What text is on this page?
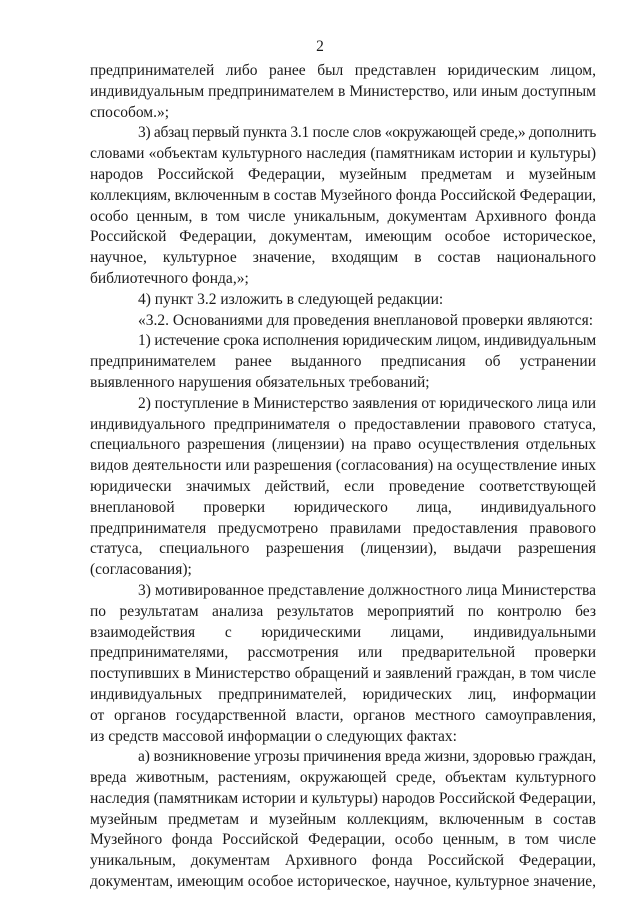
2
предпринимателей либо ранее был представлен юридическим лицом,
индивидуальным предпринимателем в Министерство, или иным доступным
способом.»;
3) абзац первый пункта 3.1 после слов «окружающей среде,» дополнить
словами «объектам культурного наследия (памятникам истории и культуры)
народов Российской Федерации, музейным предметам и музейным
коллекциям, включенным в состав Музейного фонда Российской Федерации,
особо ценным, в том числе уникальным, документам Архивного фонда
Российской Федерации, документам, имеющим особое историческое,
научное, культурное значение, входящим в состав национального
библиотечного фонда,»;
4) пункт 3.2 изложить в следующей редакции:
«3.2. Основаниями для проведения внеплановой проверки являются:
1) истечение срока исполнения юридическим лицом, индивидуальным
предпринимателем ранее выданного предписания об устранении
выявленного нарушения обязательных требований;
2) поступление в Министерство заявления от юридического лица или
индивидуального предпринимателя о предоставлении правового статуса,
специального разрешения (лицензии) на право осуществления отдельных
видов деятельности или разрешения (согласования) на осуществление иных
юридически значимых действий, если проведение соответствующей
внеплановой проверки юридического лица, индивидуального
предпринимателя предусмотрено правилами предоставления правового
статуса, специального разрешения (лицензии), выдачи разрешения
(согласования);
3) мотивированное представление должностного лица Министерства
по результатам анализа результатов мероприятий по контролю без
взаимодействия с юридическими лицами, индивидуальными
предпринимателями, рассмотрения или предварительной проверки
поступивших в Министерство обращений и заявлений граждан, в том числе
индивидуальных предпринимателей, юридических лиц, информации
от органов государственной власти, органов местного самоуправления,
из средств массовой информации о следующих фактах:
а) возникновение угрозы причинения вреда жизни, здоровью граждан,
вреда животным, растениям, окружающей среде, объектам культурного
наследия (памятникам истории и культуры) народов Российской Федерации,
музейным предметам и музейным коллекциям, включенным в состав
Музейного фонда Российской Федерации, особо ценным, в том числе
уникальным, документам Архивного фонда Российской Федерации,
документам, имеющим особое историческое, научное, культурное значение,
